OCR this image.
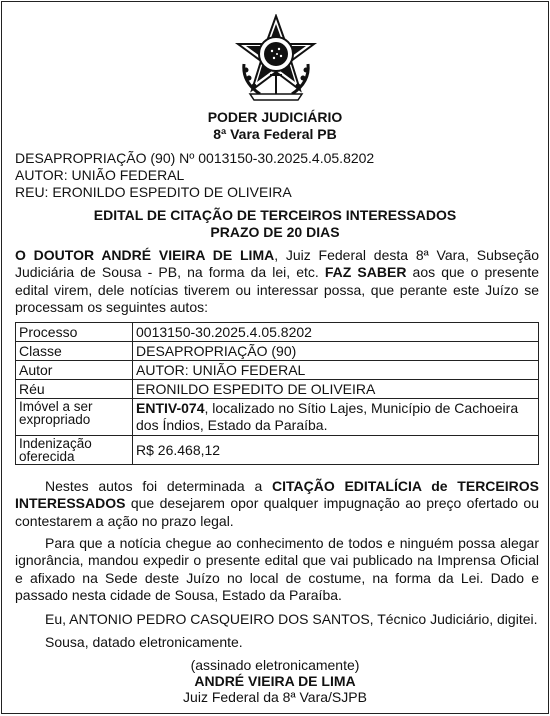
PODER JUDICIÁRIO
8ª Vara Federal PB
DESAPROPRIAÇÃO (90) Nº 0013150-30.2025.4.05.8202
AUTOR: UNIÃO FEDERAL
REU: ERONILDO ESPEDITO DE OLIVEIRA
EDITAL DE CITAÇÃO DE TERCEIROS INTERESSADOS
PRAZO DE 20 DIAS
O DOUTOR ANDRÉ VIEIRA DE LIMA, Juiz Federal desta 8ª Vara, Subseção Judiciária de Sousa - PB, na forma da lei, etc. FAZ SABER aos que o presente edital virem, dele notícias tiverem ou interessar possa, que perante este Juízo se processam os seguintes autos:
Processo	0013150-30.2025.4.05.8202
Classe	DESAPROPRIAÇÃO (90)
Autor	AUTOR: UNIÃO FEDERAL
Réu	ERONILDO ESPEDITO DE OLIVEIRA
Imóvel a ser expropriado	ENTIV-074, localizado no Sítio Lajes, Município de Cachoeira dos Índios, Estado da Paraíba.
Indenização oferecida	R$ 26.468,12
Nestes autos foi determinada a CITAÇÃO EDITALÍCIA de TERCEIROS INTERESSADOS que desejarem opor qualquer impugnação ao preço ofertado ou contestarem a ação no prazo legal.
Para que a notícia chegue ao conhecimento de todos e ninguém possa alegar ignorância, mandou expedir o presente edital que vai publicado na Imprensa Oficial e afixado na Sede deste Juízo no local de costume, na forma da Lei. Dado e passado nesta cidade de Sousa, Estado da Paraíba.
Eu, ANTONIO PEDRO CASQUEIRO DOS SANTOS, Técnico Judiciário, digitei.
Sousa, datado eletronicamente.
(assinado eletronicamente)
ANDRÉ VIEIRA DE LIMA
Juiz Federal da 8ª Vara/SJPB
